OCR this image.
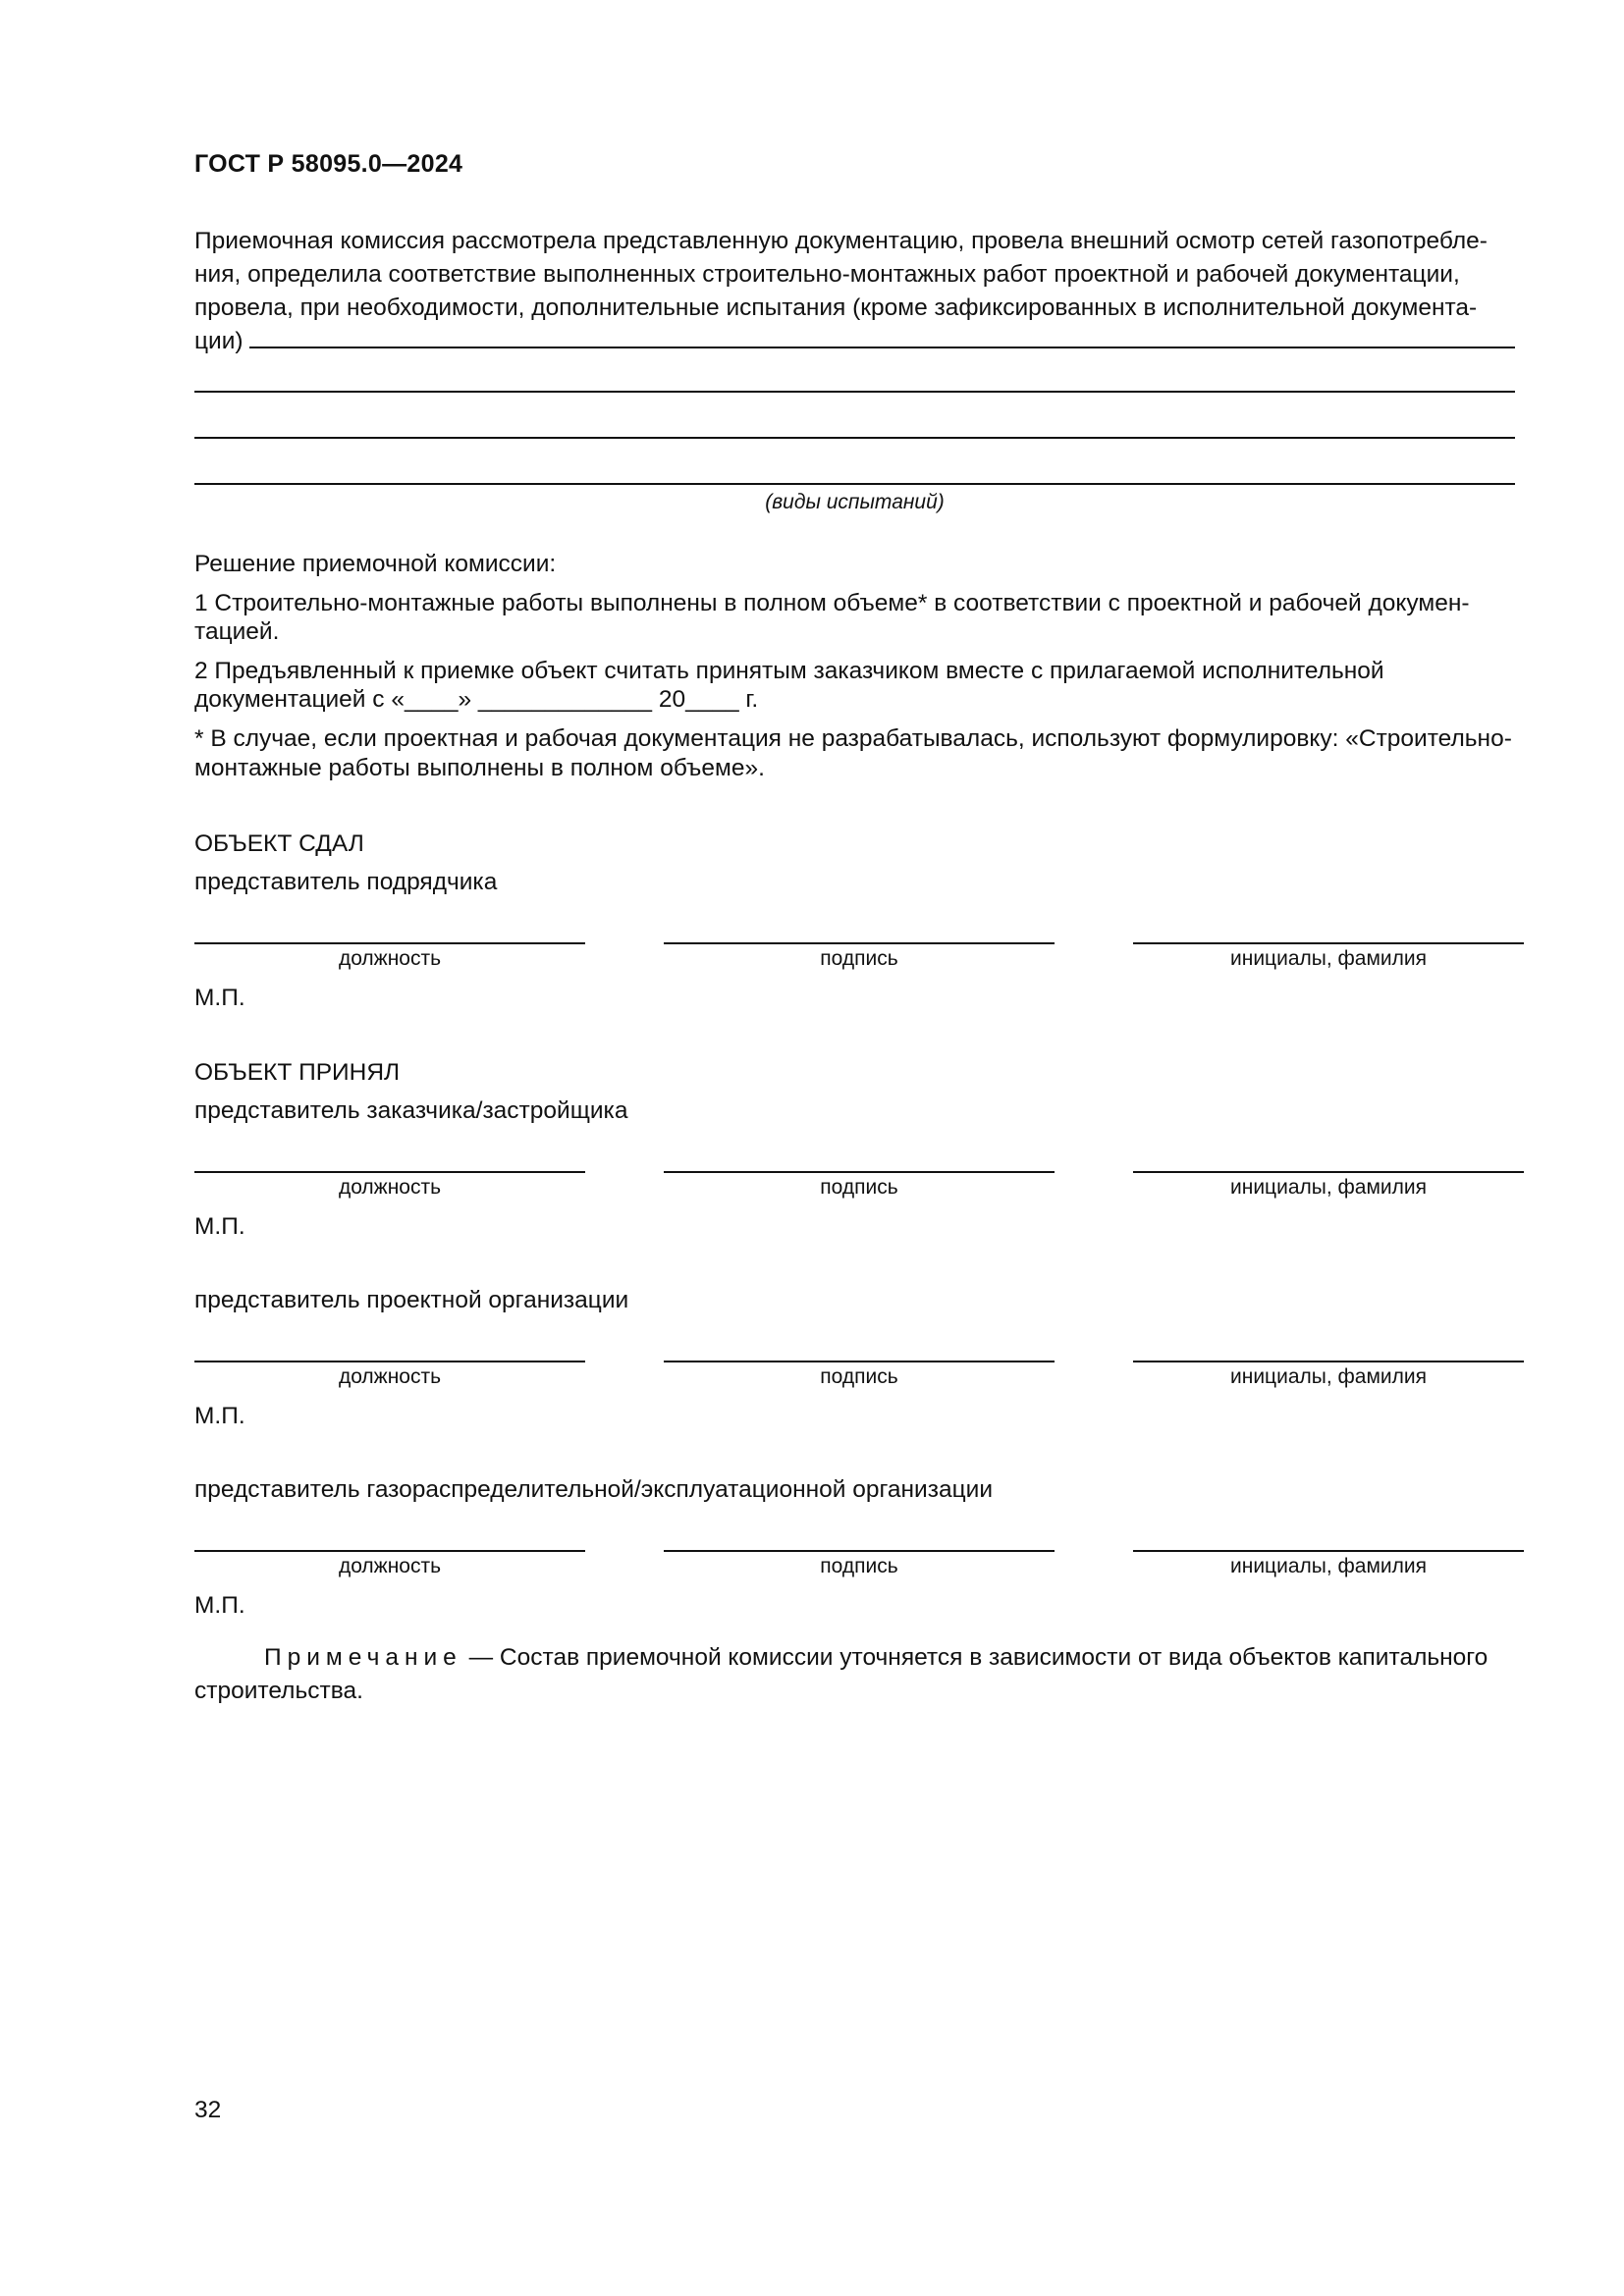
ГОСТ Р 58095.0—2024
Приемочная комиссия рассмотрела представленную документацию, провела внешний осмотр сетей газопотребле-
ния, определила соответствие выполненных строительно-монтажных работ проектной и рабочей документации,
провела, при необходимости, дополнительные испытания (кроме зафиксированных в исполнительной документа-
ции)
(виды испытаний)
Решение приемочной комиссии:
1 Строительно-монтажные работы выполнены в полном объеме* в соответствии с проектной и рабочей докумен-
тацией.
2 Предъявленный к приемке объект считать принятым заказчиком вместе с прилагаемой исполнительной
документацией с «____» _____________ 20____ г.
* В случае, если проектная и рабочая документация не разрабатывалась, используют формулировку: «Строительно-
монтажные работы выполнены в полном объеме».
ОБЪЕКТ СДАЛ
представитель подрядчика
должность	подпись	инициалы, фамилия
М.П.
ОБЪЕКТ ПРИНЯЛ
представитель заказчика/застройщика
должность	подпись	инициалы, фамилия
М.П.
представитель проектной организации
должность	подпись	инициалы, фамилия
М.П.
представитель газораспределительной/эксплуатационной организации
должность	подпись	инициалы, фамилия
М.П.
Примечание — Состав приемочной комиссии уточняется в зависимости от вида объектов капитального
строительства.
32
